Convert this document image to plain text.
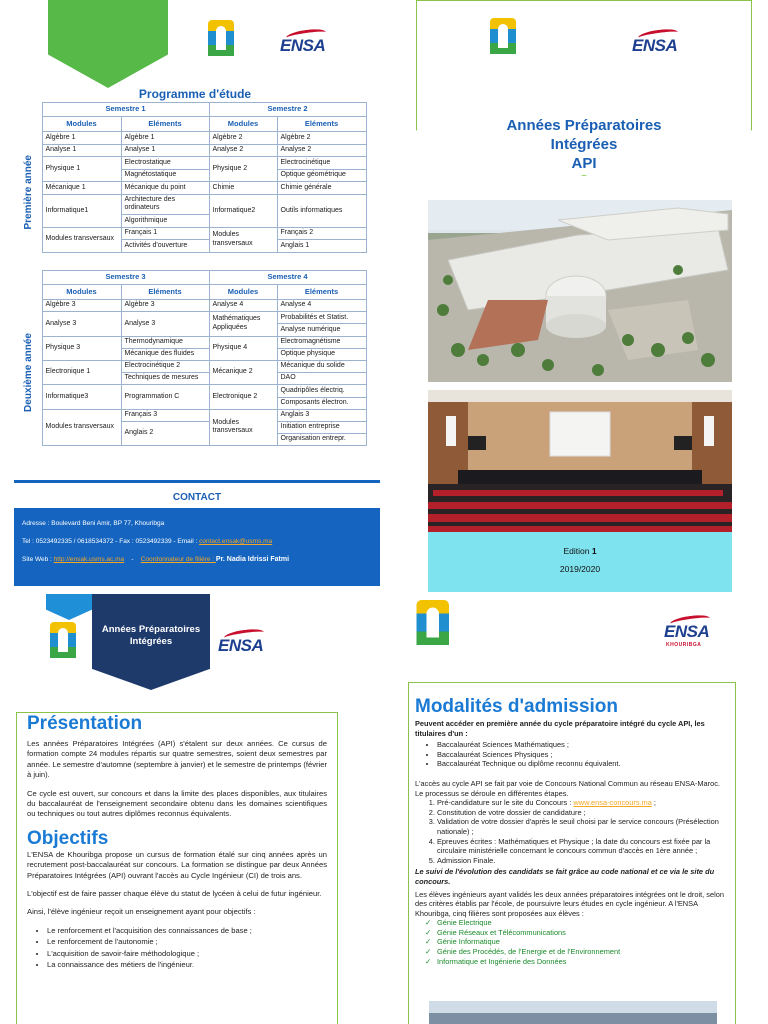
ENSA
Programme d'étude
	Semestre 1		Semestre 2	
	Modules	Eléments	Modules	Eléments

Première année	Algèbre 1	Algèbre 1	Algèbre 2	Algèbre 2
	Analyse 1	Analyse 1	Analyse 2	Analyse 2
	Physique 1	Electrostatique	Physique 2	Electrocinétique
		Magnétostatique		Optique géométrique
	Mécanique 1	Mécanique du point	Chimie	Chimie générale
	Informatique1	Architecture des ordinateurs	Informatique2	Outils informatiques
		Algorithmique		
	Modules transversaux	Français 1	Modules transversaux	Français 2
		Activités d'ouverture		Anglais 1
	Semestre 3		Semestre 4	
	Modules	Eléments	Modules	Eléments

Deuxième année	Algèbre 3	Algèbre 3	Analyse 4	Analyse 4
	Analyse 3	Analyse 3	Mathématiques Appliquées	Probabilités et Statist.
				Analyse numérique
	Physique 3	Thermodynamique	Physique 4	Electromagnétisme
		Mécanique des fluides		Optique physique
	Electronique 1	Electrocinétique 2	Mécanique 2	Mécanique du solide
		Techniques de mesures		DAO
	Informatique3	Programmation C	Electronique 2	Quadripôles électriq.
				Composants électron.
	Modules transversaux	Français 3	Modules transversaux	Anglais 3
		Anglais 2		Initiation entreprise
				Organisation entrepr.
CONTACT
Adresse : Boulevard Beni Amir, BP 77, Khouribga
Tel : 0523492335 / 0618534372 - Fax : 0523492339 - Email : contact.ensak@usms.ma
Site Web : http://ensak.usms.ac.ma    -    Coordonnateur de filière : Pr. Nadia Idrissi Fatmi
ENSA
Années Préparatoires
Intégrées
API
Edition 1
2019/2020
Années Préparatoires
Intégrées	ENSA
Présentation

Les années Préparatoires Intégrées (API) s'étalent sur deux années. Ce cursus de formation compte 24 modules répartis sur quatre semestres, soient deux semestres par année. Le semestre d'automne (septembre à janvier) et le semestre de printemps (février à juin).

Ce cycle est ouvert, sur concours et dans la limite des places disponibles, aux titulaires du baccalauréat de l'enseignement secondaire obtenu dans les domaines scientifiques ou techniques ou tout autres diplômes reconnus équivalents.

Objectifs

L'ENSA de Khouribga propose un cursus de formation étalé sur cinq années après un recrutement post-baccalauréat sur concours. La formation se distingue par deux Années Préparatoires Intégrées (API) ouvrant l'accès au Cycle Ingénieur (CI) de trois ans.

L'objectif est de faire passer chaque élève du statut de lycéen à celui de futur ingénieur.

Ainsi, l'élève ingénieur reçoit un enseignement ayant pour objectifs :

• Le renforcement et l'acquisition des connaissances de base ;
• Le renforcement de l'autonomie ;
• L'acquisition de savoir-faire méthodologique ;
• La connaissance des métiers de l'ingénieur.
ENSA
KHOURIBGA
Modalités d'admission
Peuvent accéder en première année du cycle préparatoire intégré du cycle API, les titulaires d'un :
• Baccalauréat Sciences Mathématiques ;
• Baccalauréat Sciences Physiques ;
• Baccalauréat Technique ou diplôme reconnu équivalent.
L'accès au cycle API se fait par voie de Concours National Commun au réseau ENSA-Maroc. Le processus se déroule en différentes étapes.
1. Pré-candidature sur le site du Concours : www.ensa-concours.ma ;
2. Constitution de votre dossier de candidature ;
3. Validation de votre dossier d'après le seuil choisi par le service concours (Présélection nationale) ;
4. Epreuves écrites : Mathématiques et Physique ; la date du concours est fixée par la circulaire ministérielle concernant le concours commun d'accès en 1ère année ;
5. Admission Finale.
Le suivi de l'évolution des candidats se fait grâce au code national et ce via le site du concours.
Les élèves ingénieurs ayant validés les deux années préparatoires intégrées ont le droit, selon des critères établis par l'école, de poursuivre leurs études en cycle ingénieur. A l'ENSA Khouribga, cinq filières sont proposées aux élèves :
✓ Génie Electrique
✓ Génie Réseaux et Télécommunications
✓ Génie Informatique
✓ Génie des Procédés, de l'Energie et de l'Environnement
✓ Informatique et Ingénierie des Données
